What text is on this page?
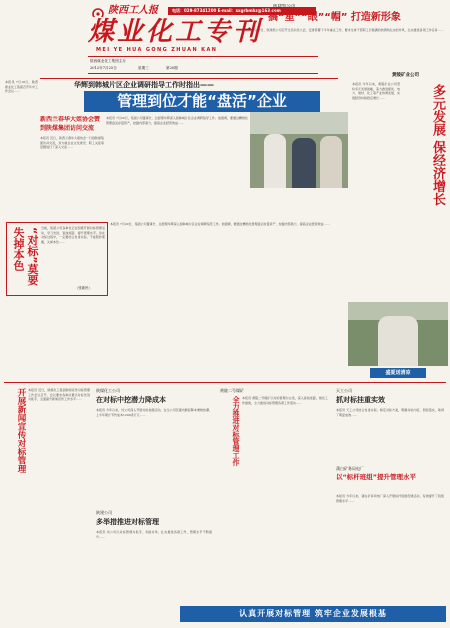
陕西工人报	电话：029-87341200 E-mail：sxgrbmhz@163.com
煤业化工专刊
MEI YE HUA GONG ZHUAN KAN
陕西煤业化工集团主办
2012年7月25日	星期三	第20期
本报讯 7月18日，陕西煤业化工集团召开年中工作会议……
陕建机公司
搞“星”“眼”“帽” 打造新形象
本报讯 7月17日，陕建机公司召开全员动员大会，安排部署下半年重点工作，要求全体干部职工以饱满的热情和扎实的作风，扎实推进各项工作任务……
华辉到韩城片区企业调研指导工作时指出——
管理到位才能“盘活”企业
本报讯 7月20日，集团公司董事长、总经理华辉深入到韩城片区企业调研指导工作。他强调，要通过精细化管理盘活存量资产，挖掘内部潜力，提高企业经营效益……
新西兰春华大姐协会赞 到陕煤集团访问交流
本报讯 近日，新西兰春华大姐协会一行到陕煤集团访问交流，双方就企业文化建设、职工关爱等话题进行了深入交流……
黄陵矿业公司
多元发展 保经济增长
本报讯 今年以来，黄陵矿业公司坚持多元发展战略，着力推进煤炭、电力、建材、化工等产业协调发展，实现经济持续稳定增长……
“对标”莫要失掉本色	当前，集团公司各单位正在积极开展对标管理活动，学习先进、查找差距、提升管理水平。但在对标过程中，一定要结合自身实际，不能照抄照搬，失掉本色……
（张新民）
本报讯 7月20日，集团公司董事长、总经理华辉深入到韩城片区企业调研指导工作。他强调，要通过精细化管理盘活存量资产，挖掘内部潜力，提高企业经营效益……
盛夏送清凉
开展新闻宣传对标管理 本报讯 近日，陕煤化工集团新闻宣传对标管理工作会议召开，会议要求各单位要以对标先进为抓手，全面提升新闻宣传工作水平……
陕煤化工公司
在对标中挖潜力降成本
本报讯 今年以来，该公司深入开展对标挖潜活动，在全公司范围内掀起降本增效热潮，上半年累计节约成本1200余万元……
陕建公司
多举措推进对标管理
本报讯 该公司以对标管理为抓手，多措并举，扎实推进各项工作，管理水平不断提升……
黄陵二号煤矿
全力推进对标管理工作 本报讯 黄陵二号煤矿以对标管理为主线，深入查找差距，细化工作措施，全力推进对标管理各项工作落实……
天工公司
抓对标挂重实效
本报讯 天工公司结合自身实际，制定对标方案，明确对标内容，狠抓落实，取得了明显成效……
蒲白矿务局电厂
以“标杆班组”提升管理水平
本报讯 今年以来，蒲白矿务局电厂深入开展标杆班组创建活动，有效提升了班组管理水平……
认真开展对标管理 筑牢企业发展根基
